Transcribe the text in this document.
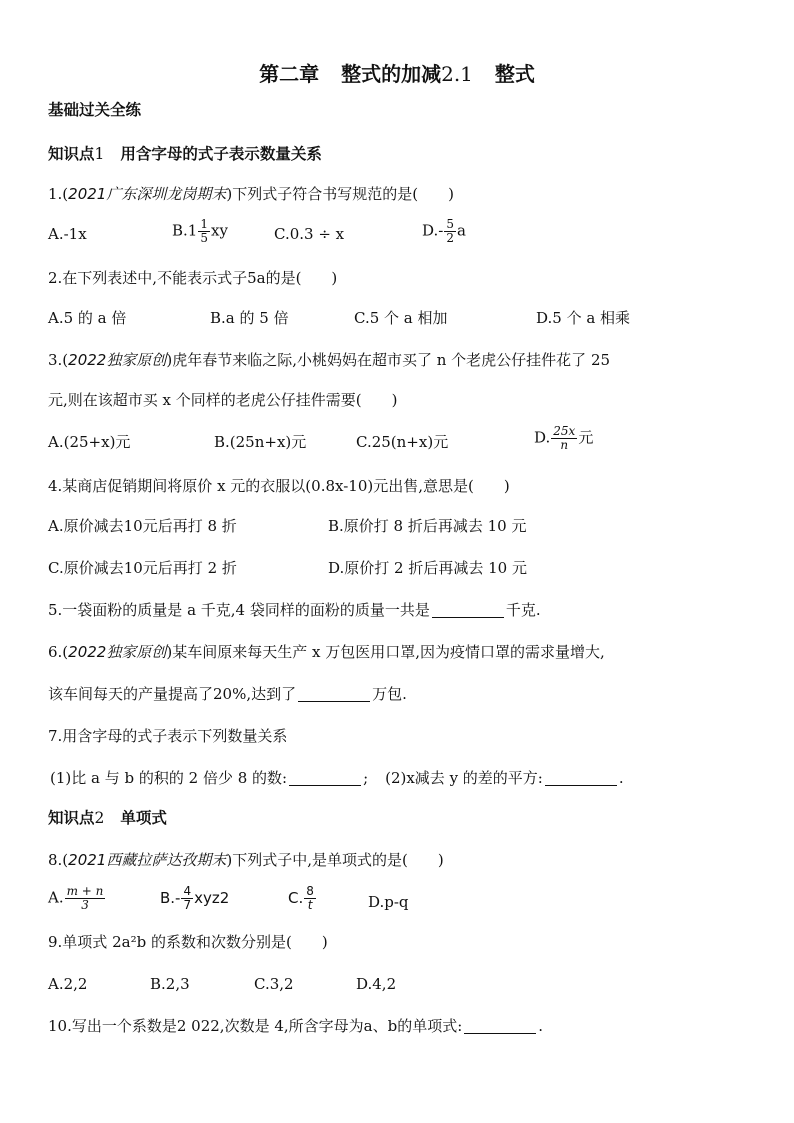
第二章 整式的加减2.1 整式
基础过关全练
知识点1 用含字母的式子表示数量关系
1.(2021广东深圳龙岗期末)下列式子符合书写规范的是( )
A.-1x	$B.1 \frac{1}{5}$ xy	C.0.3 ÷ x	$D.- \frac{5}{2}$ a
2.在下列表述中,不能表示式子5a的是( )
A.5 的 a 倍	B.a 的 5 倍	C.5 个 a 相加	D.5 个 a 相乘
3.(2022独家原创)虎年春节来临之际,小桃妈妈在超市买了 n 个老虎公仔挂件花了 25
元,则在该超市买 x 个同样的老虎公仔挂件需要( )
A.(25+x)元	B.(25n+x)元	C.25(n+x)元	D. $\frac{25x}{n}$ 元
4.某商店促销期间将原价 x 元的衣服以(0.8x-10)元出售,意思是( )
A.原价减去10元后再打 8 折	B.原价打 8 折后再减去 10 元
C.原价减去10元后再打 2 折	D.原价打 2 折后再减去 10 元
5.一袋面粉的质量是 a 千克,4 袋同样的面粉的质量一共是	千克.
6.(2022独家原创)某车间原来每天生产 x 万包医用口罩,因为疫情口罩的需求量增大,
该车间每天的产量提高了20%,达到了	万包.
7.用含字母的式子表示下列数量关系
(1)比 a 与 b 的积的 2 倍少 8 的数:	; (2)x减去 y 的差的平方:	.
知识点2 单项式
8.(2021西藏拉萨达孜期末)下列式子中,是单项式的是( )
A. $\frac{m + n}{3}$	$B.- \frac{4}{7} xyz2$	C. $\frac{8}{t}$	D.p-q
9.单项式 2a²b 的系数和次数分别是( )
A.2,2	B.2,3	C.3,2	D.4,2
10.写出一个系数是2 022,次数是 4,所含字母为a、b的单项式:	.
